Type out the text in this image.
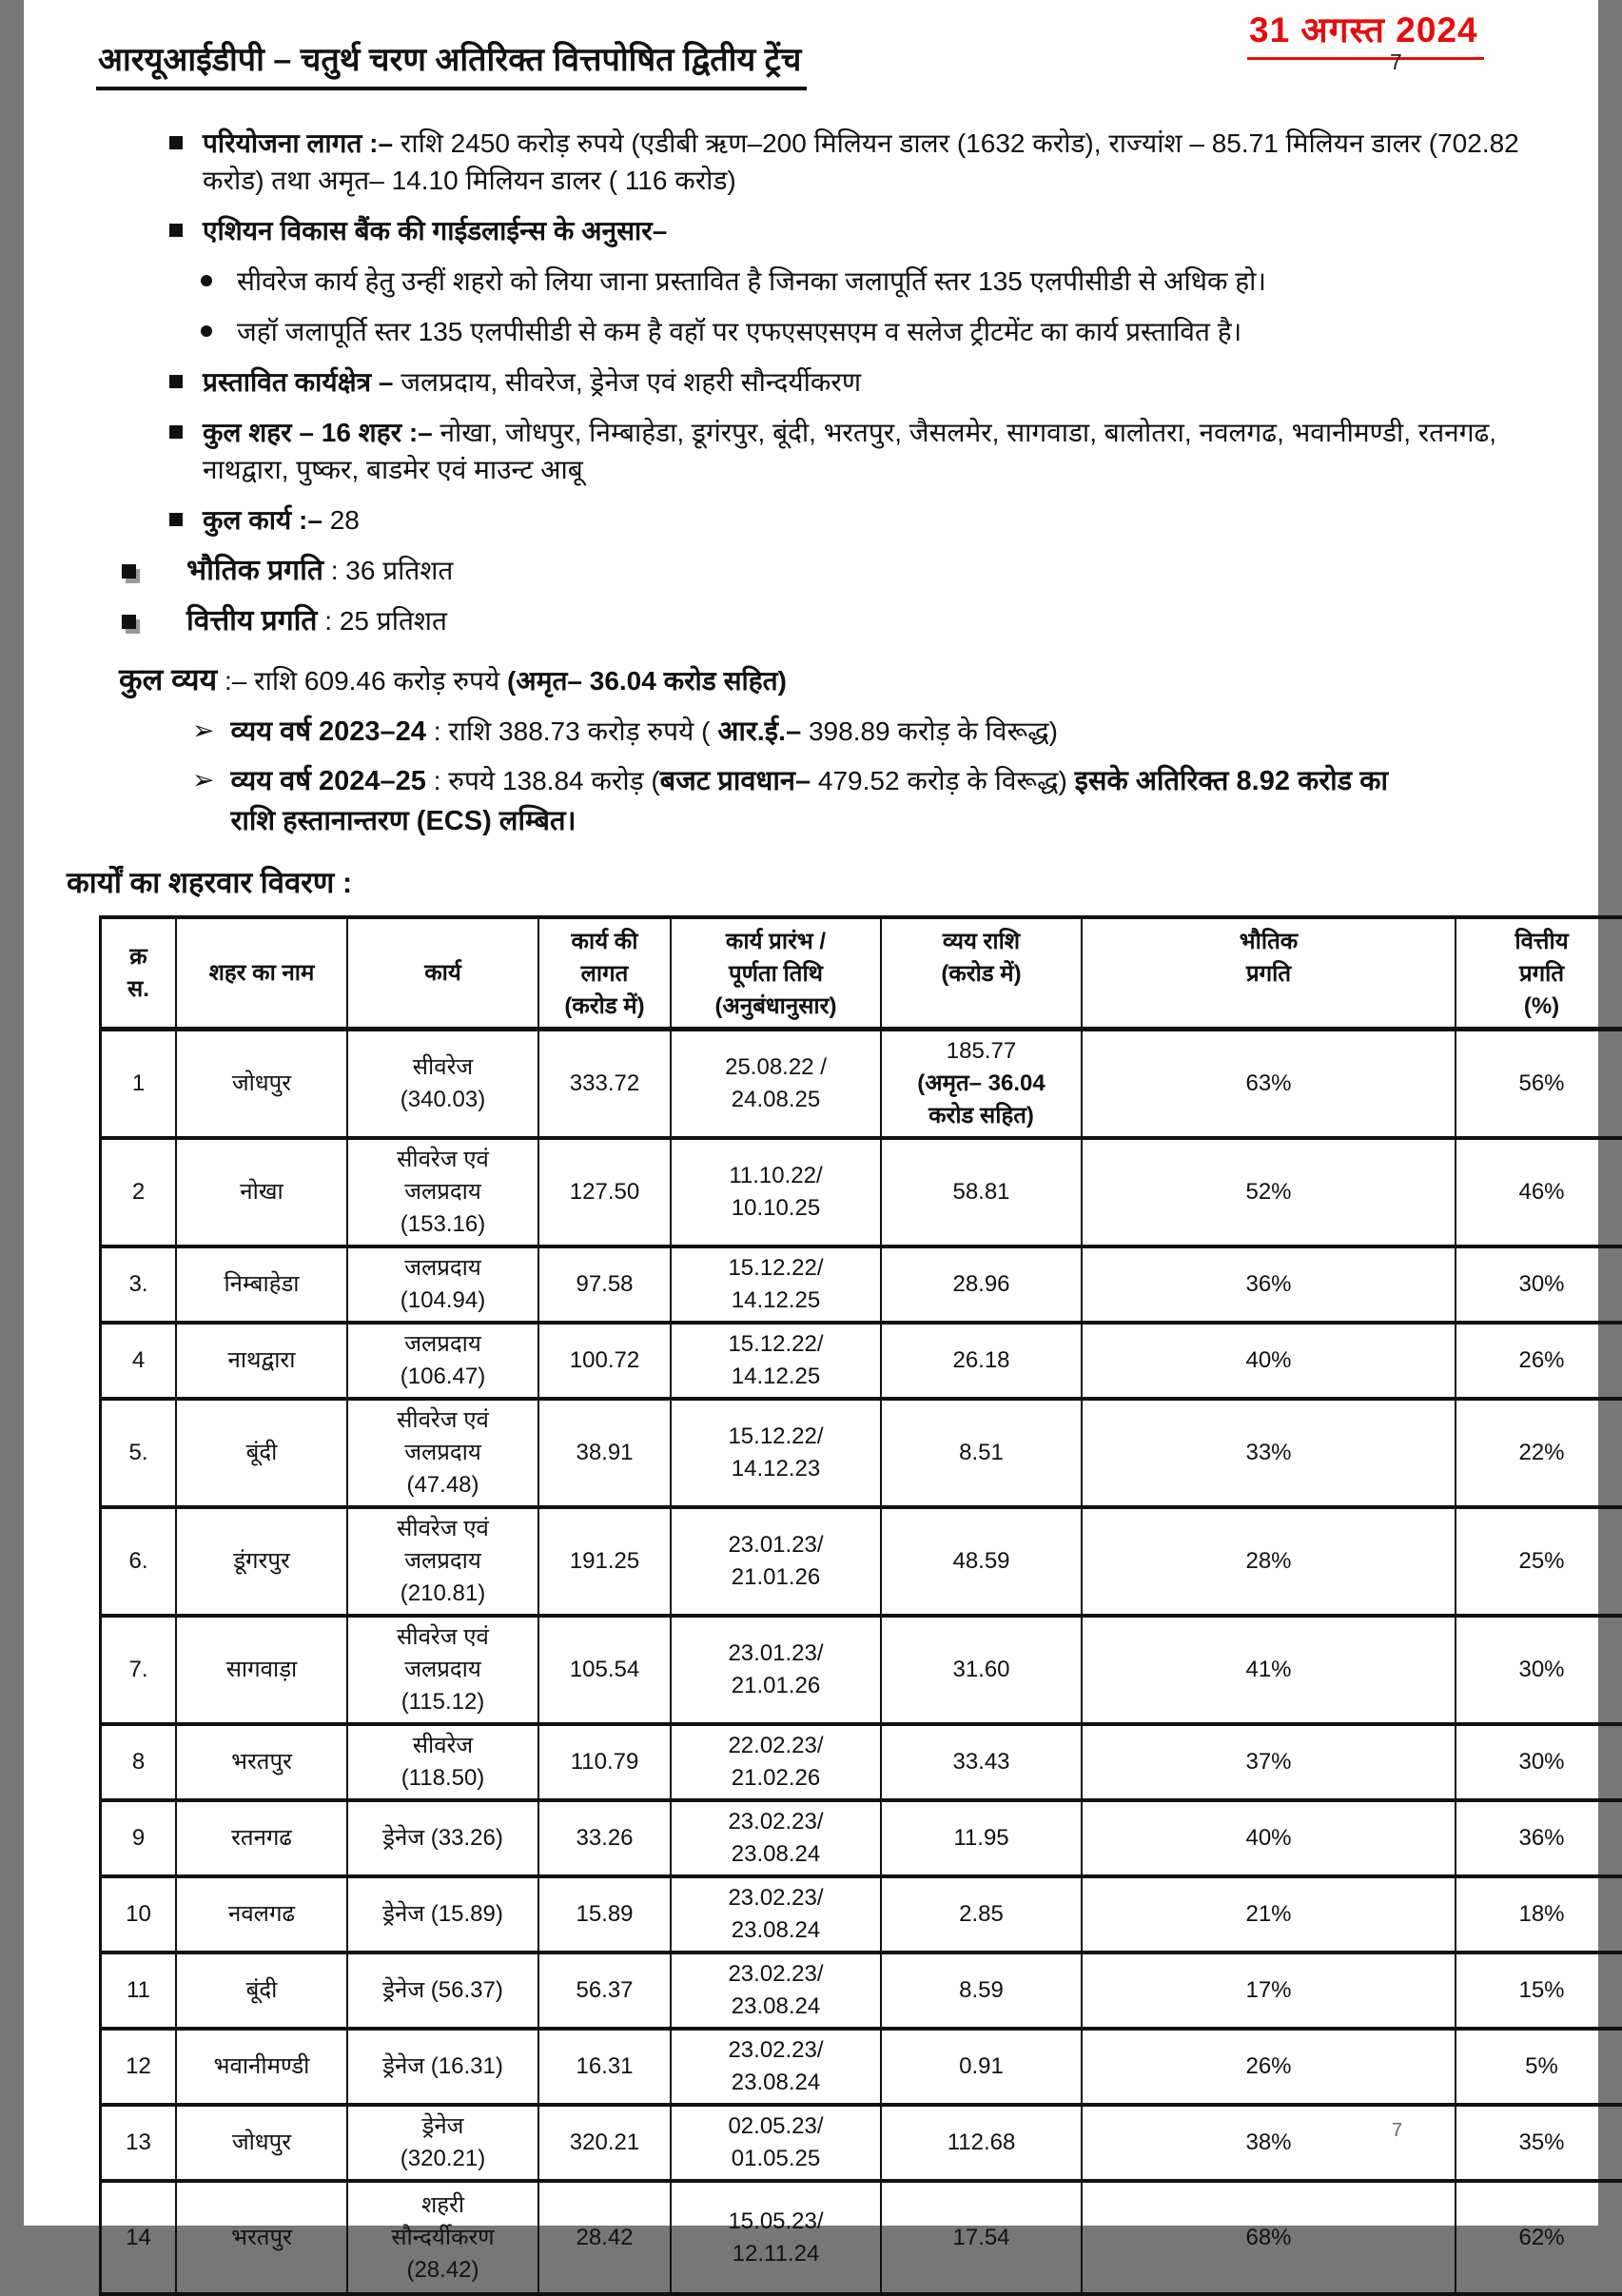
31 अगस्त 2024
7
आरयूआईडीपी – चतुर्थ चरण अतिरिक्त वित्तपोषित द्वितीय ट्रेंच
7
परियोजना लागत :– राशि 2450 करोड़ रुपये (एडीबी ऋण–200 मिलियन डालर (1632 करोड), राज्यांश – 85.71 मिलियन डालर (702.82 करोड) तथा अमृत– 14.10 मिलियन डालर ( 116 करोड)
एशियन विकास बैंक की गाईडलाईन्स के अनुसार–
सीवरेज कार्य हेतु उन्हीं शहरो को लिया जाना प्रस्तावित है जिनका जलापूर्ति स्तर 135 एलपीसीडी से अधिक हो।
जहॉ जलापूर्ति स्तर 135 एलपीसीडी से कम है वहॉ पर एफएसएसएम व सलेज ट्रीटमेंट का कार्य प्रस्तावित है।
प्रस्तावित कार्यक्षेत्र – जलप्रदाय, सीवरेज, ड्रेनेज एवं शहरी सौन्दर्यीकरण
कुल शहर – 16 शहर :– नोखा, जोधपुर, निम्बाहेडा, डूगंरपुर, बूंदी, भरतपुर, जैसलमेर, सागवाडा, बालोतरा, नवलगढ, भवानीमण्डी, रतनगढ, नाथद्वारा, पुष्कर, बाडमेर एवं माउन्ट आबू
कुल कार्य :– 28
भौतिक प्रगति : 36 प्रतिशत
वित्तीय प्रगति : 25 प्रतिशत
कुल व्यय :– राशि 609.46 करोड़ रुपये (अमृत– 36.04 करोड सहित)
➢ व्यय वर्ष 2023–24 : राशि 388.73 करोड़ रुपये ( आर.ई.– 398.89 करोड़ के विरूद्ध)
➢ व्यय वर्ष 2024–25 : रुपये 138.84 करोड़ (बजट प्रावधान– 479.52 करोड़ के विरूद्ध) इसके अतिरिक्त 8.92 करोड का राशि हस्तानान्तरण (ECS) लम्बित।
कार्यों का शहरवार विवरण :
क्र
स.	शहर का नाम	कार्य	कार्य की
लागत
(करोड में)	कार्य प्रारंभ /
पूर्णता तिथि
(अनुबंधानुसार)	व्यय राशि
(करोड में)	भौतिक
प्रगति	वित्तीय
प्रगति
(%)
1	जोधपुर	सीवरेज
(340.03)	333.72	25.08.22 /
24.08.25	185.77
(अमृत– 36.04
करोड सहित)	63%	56%
2	नोखा	सीवरेज एवं
जलप्रदाय
(153.16)	127.50	11.10.22/
10.10.25	58.81	52%	46%
3.	निम्बाहेडा	जलप्रदाय
(104.94)	97.58	15.12.22/
14.12.25	28.96	36%	30%
4	नाथद्वारा	जलप्रदाय
(106.47)	100.72	15.12.22/
14.12.25	26.18	40%	26%
5.	बूंदी	सीवरेज एवं
जलप्रदाय
(47.48)	38.91	15.12.22/
14.12.23	8.51	33%	22%
6.	डूंगरपुर	सीवरेज एवं
जलप्रदाय
(210.81)	191.25	23.01.23/
21.01.26	48.59	28%	25%
7.	सागवाड़ा	सीवरेज एवं
जलप्रदाय
(115.12)	105.54	23.01.23/
21.01.26	31.60	41%	30%
8	भरतपुर	सीवरेज
(118.50)	110.79	22.02.23/
21.02.26	33.43	37%	30%
9	रतनगढ	ड्रेनेज (33.26)	33.26	23.02.23/
23.08.24	11.95	40%	36%
10	नवलगढ	ड्रेनेज (15.89)	15.89	23.02.23/
23.08.24	2.85	21%	18%
11	बूंदी	ड्रेनेज (56.37)	56.37	23.02.23/
23.08.24	8.59	17%	15%
12	भवानीमण्डी	ड्रेनेज (16.31)	16.31	23.02.23/
23.08.24	0.91	26%	5%
13	जोधपुर	ड्रेनेज
(320.21)	320.21	02.05.23/
01.05.25	112.68	38%	35%
14	भरतपुर	शहरी
सौन्दर्यीकरण
(28.42)	28.42	15.05.23/
12.11.24	17.54	68%	62%
